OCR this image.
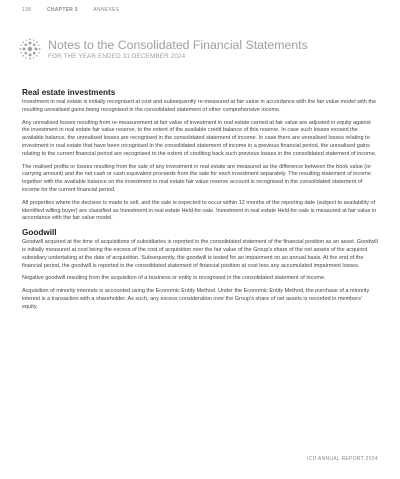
138	CHAPTER 5	ANNEXES
Notes to the Consolidated Financial Statements
FOR THE YEAR ENDED 31 DECEMBER 2024
Real estate investments

Investment in real estate is initially recognised at cost and subsequently re-measured at fair value in accordance with the fair value model with the resulting unrealised gains being recognised in the consolidated statement of other comprehensive income.

Any unrealised losses resulting from re-measurement at fair value of investment in real estate carried at fair value are adjusted in equity against the investment in real estate fair value reserve, to the extent of the available credit balance of this reserve. In case such losses exceed the available balance, the unrealised losses are recognised in the consolidated statement of income. In case there are unrealised losses relating to investment in real estate that have been recognised in the consolidated statement of income in a previous financial period, the unrealised gains relating to the current financial period are recognised to the extent of crediting back such previous losses in the consolidated statement of income.

The realised profits or losses resulting from the sale of any investment in real estate are measured as the difference between the book value (or carrying amount) and the net cash or cash equivalent proceeds from the sale for each investment separately. The resulting statement of income together with the available balance on the investment in real estate fair value reserve account is recognised in the consolidated statement of income for the current financial period.

All properties where the decision is made to sell, and the sale is expected to occur within 12 months of the reporting date (subject to availability of identified willing buyer) are classified as Investment in real estate Held-for-sale. Investment in real estate Held-for-sale is measured at fair value in accordance with the fair value model.

Goodwill

Goodwill acquired at the time of acquisitions of subsidiaries is reported in the consolidated statement of the financial position as an asset. Goodwill is initially measured at cost being the excess of the cost of acquisition over the fair value of the Group's share of the net assets of the acquired subsidiary undertaking at the date of acquisition. Subsequently, the goodwill is tested for an impairment on an annual basis. At the end of the financial period, the goodwill is reported in the consolidated statement of financial position at cost less any accumulated impairment losses.

Negative goodwill resulting from the acquisition of a business or entity is recognised in the consolidated statement of income.

Acquisition of minority interests is accounted using the Economic Entity Method. Under the Economic Entity Method, the purchase of a minority interest is a transaction with a shareholder. As such, any excess consideration over the Group's share of net assets is recorded in members' equity.

ICD ANNUAL REPORT 2024
